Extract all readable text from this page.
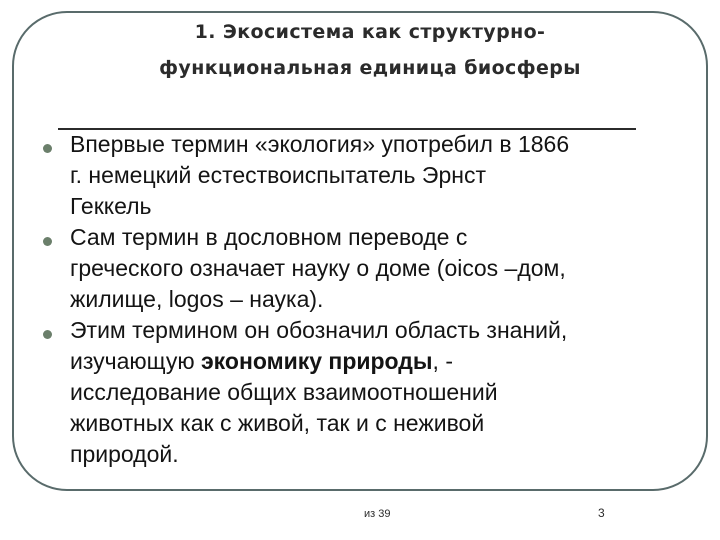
1. Экосистема как структурно-
функциональная единица биосферы
Впервые термин «экология» употребил в 1866
г. немецкий естествоиспытатель Эрнст
Геккель
Сам термин в дословном переводе с
греческого означает науку о доме (oicos –дом,
жилище, logos – наука).
Этим термином он обозначил область знаний,
изучающую экономику природы, -
исследование общих взаимоотношений
животных как с живой, так и с неживой
природой.
из 39	3
